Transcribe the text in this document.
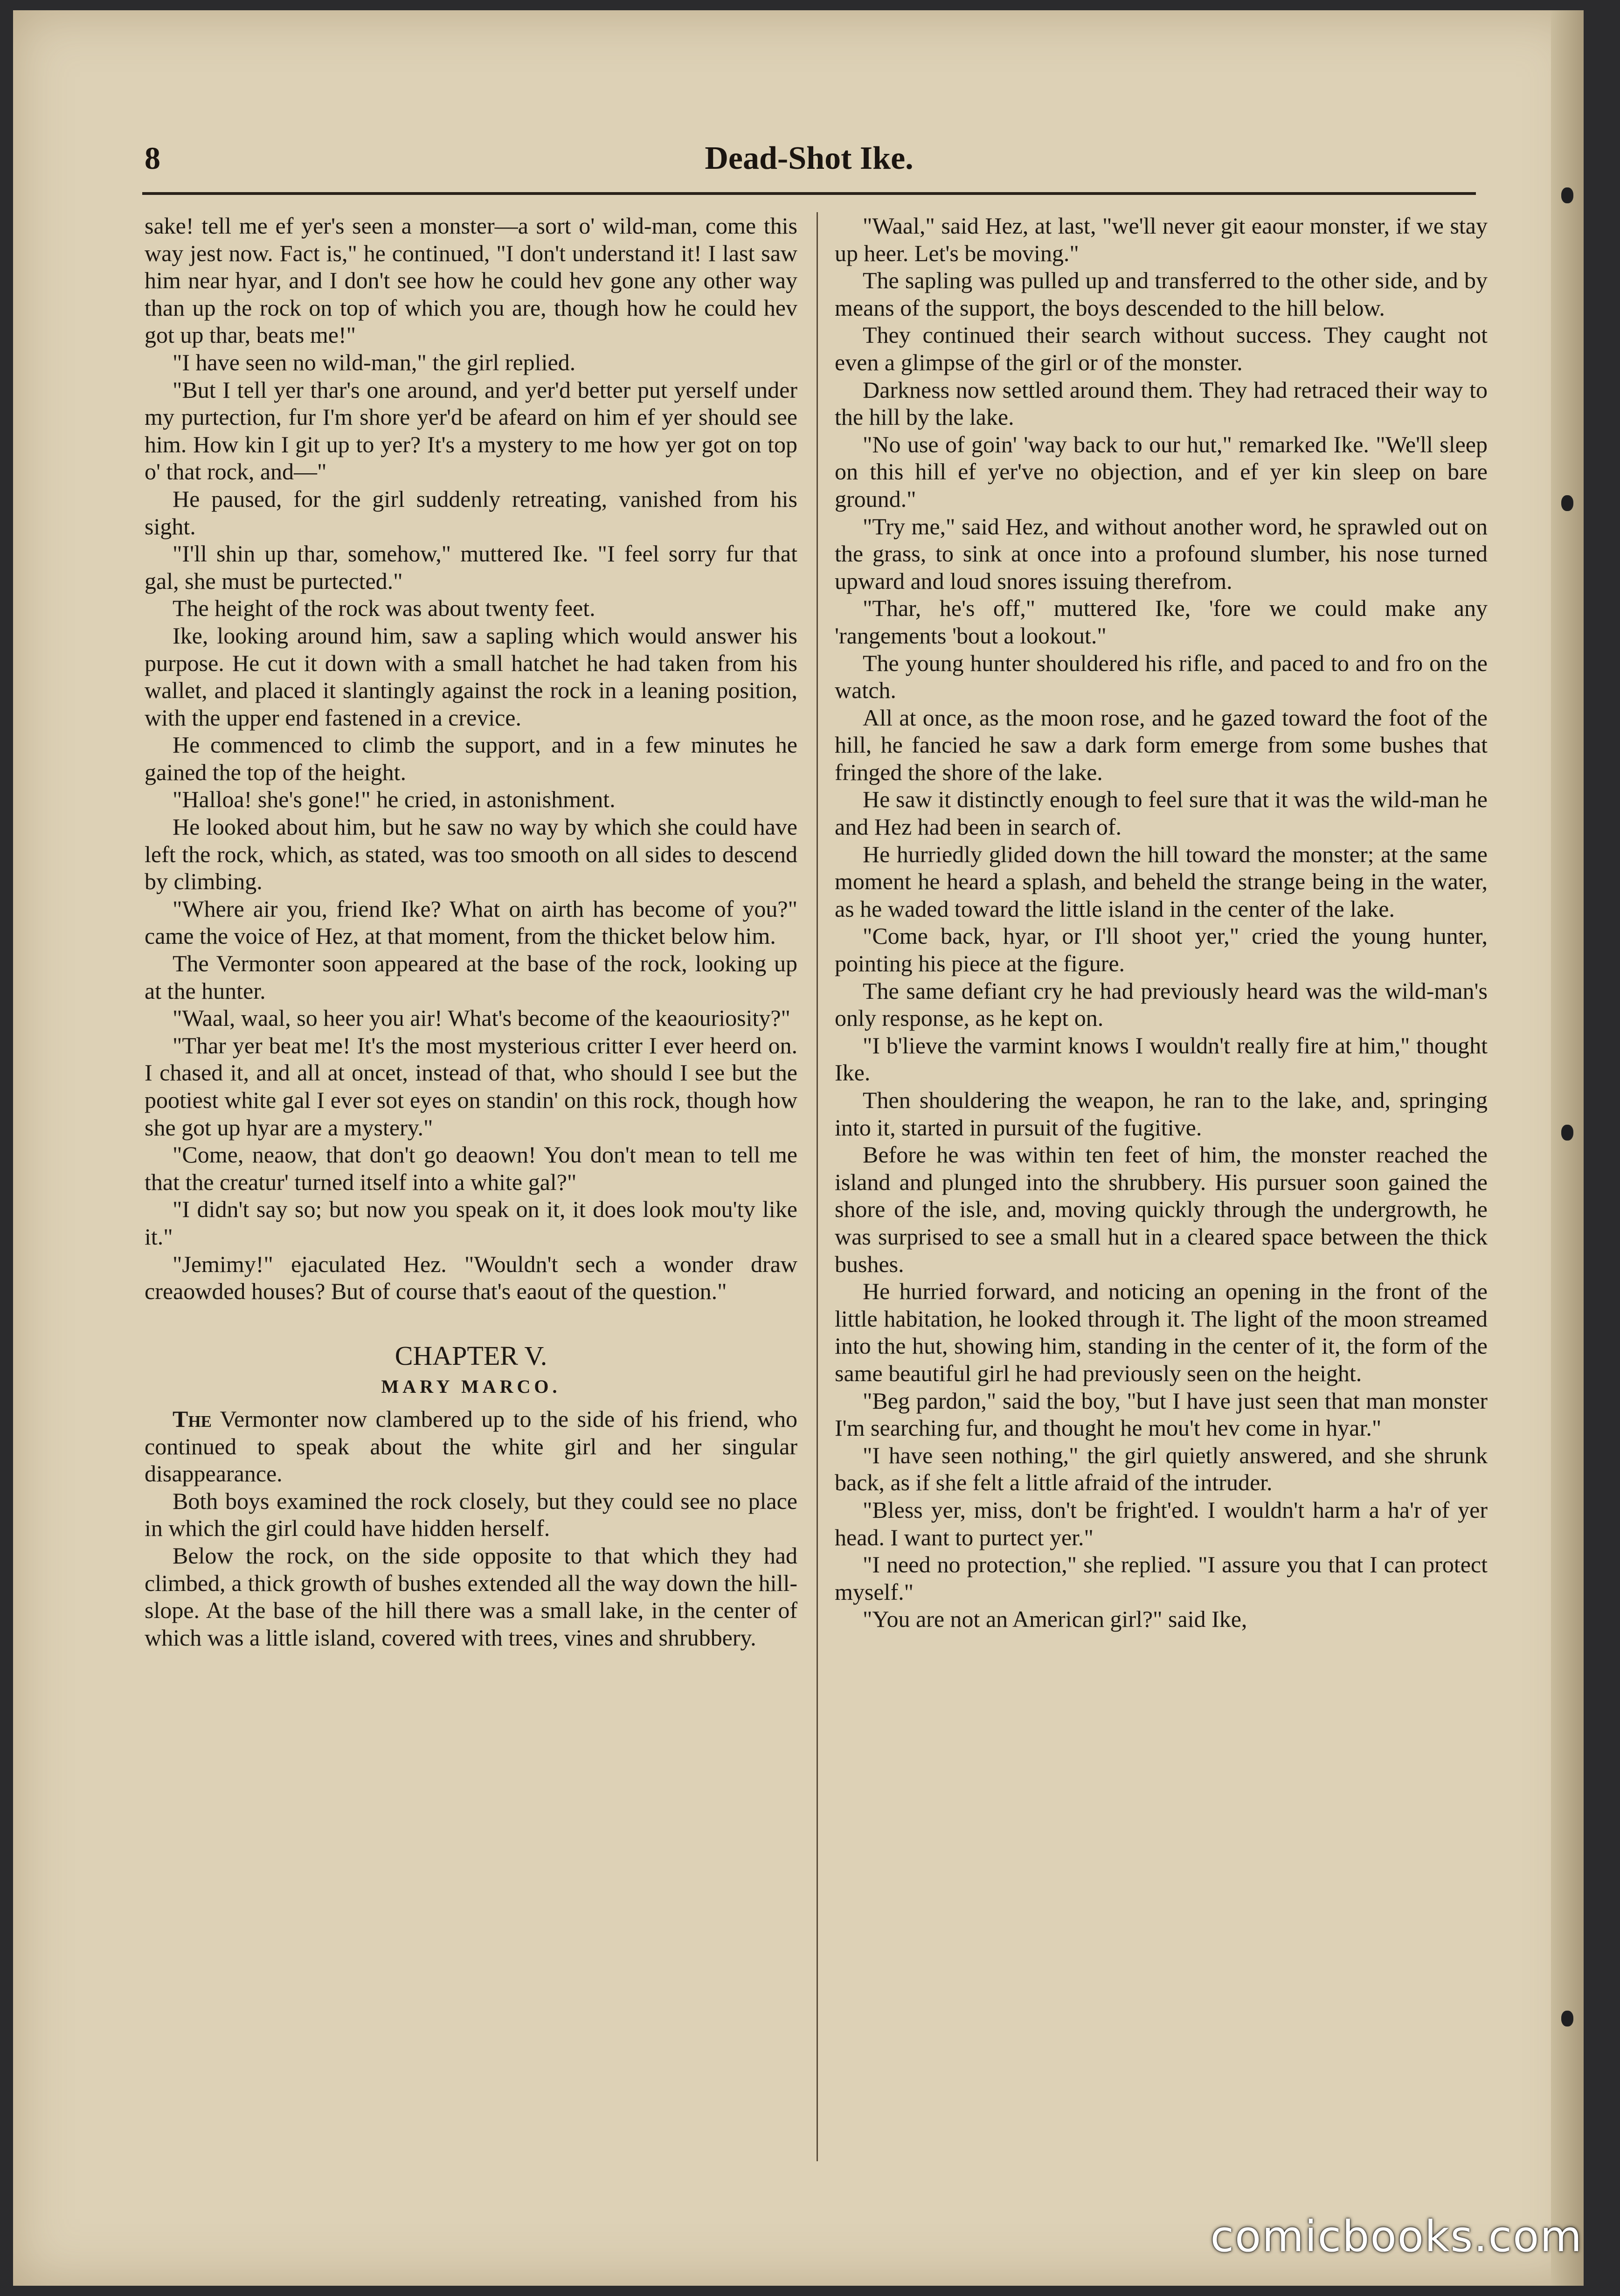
8	Dead-Shot Ike.

sake! tell me ef yer's seen a monster—a sort o' wild-man, come this way jest now. Fact is," he continued, "I don't understand it! I last saw him near hyar, and I don't see how he could hev gone any other way than up the rock on top of which you are, though how he could hev got up thar, beats me!"

"I have seen no wild-man," the girl replied.

"But I tell yer thar's one around, and yer'd better put yerself under my purtection, fur I'm shore yer'd be afeard on him ef yer should see him. How kin I git up to yer? It's a mystery to me how yer got on top o' that rock, and—"

He paused, for the girl suddenly retreating, vanished from his sight.

"I'll shin up thar, somehow," muttered Ike. "I feel sorry fur that gal, she must be purtected."

The height of the rock was about twenty feet.

Ike, looking around him, saw a sapling which would answer his purpose. He cut it down with a small hatchet he had taken from his wallet, and placed it slantingly against the rock in a leaning position, with the upper end fastened in a crevice.

He commenced to climb the support, and in a few minutes he gained the top of the height.

"Halloa! she's gone!" he cried, in astonishment.

He looked about him, but he saw no way by which she could have left the rock, which, as stated, was too smooth on all sides to descend by climbing.

"Where air you, friend Ike? What on airth has become of you?" came the voice of Hez, at that moment, from the thicket below him.

The Vermonter soon appeared at the base of the rock, looking up at the hunter.

"Waal, waal, so heer you air! What's become of the keaouriosity?"

"Thar yer beat me! It's the most mysterious critter I ever heerd on. I chased it, and all at oncet, instead of that, who should I see but the pootiest white gal I ever sot eyes on standin' on this rock, though how she got up hyar are a mystery."

"Come, neaow, that don't go deaown! You don't mean to tell me that the creatur' turned itself into a white gal?"

"I didn't say so; but now you speak on it, it does look mou'ty like it."

"Jemimy!" ejaculated Hez. "Wouldn't sech a wonder draw creaowded houses? But of course that's eaout of the question."

CHAPTER V.

MARY MARCO.

The Vermonter now clambered up to the side of his friend, who continued to speak about the white girl and her singular disappearance.

Both boys examined the rock closely, but they could see no place in which the girl could have hidden herself.

Below the rock, on the side opposite to that which they had climbed, a thick growth of bushes extended all the way down the hill-slope. At the base of the hill there was a small lake, in the center of which was a little island, covered with trees, vines and shrubbery.

"Waal," said Hez, at last, "we'll never git eaour monster, if we stay up heer. Let's be moving."

The sapling was pulled up and transferred to the other side, and by means of the support, the boys descended to the hill below.

They continued their search without success. They caught not even a glimpse of the girl or of the monster.

Darkness now settled around them. They had retraced their way to the hill by the lake.

"No use of goin' 'way back to our hut," remarked Ike. "We'll sleep on this hill ef yer've no objection, and ef yer kin sleep on bare ground."

"Try me," said Hez, and without another word, he sprawled out on the grass, to sink at once into a profound slumber, his nose turned upward and loud snores issuing therefrom.

"Thar, he's off," muttered Ike, 'fore we could make any 'rangements 'bout a lookout."

The young hunter shouldered his rifle, and paced to and fro on the watch.

All at once, as the moon rose, and he gazed toward the foot of the hill, he fancied he saw a dark form emerge from some bushes that fringed the shore of the lake.

He saw it distinctly enough to feel sure that it was the wild-man he and Hez had been in search of.

He hurriedly glided down the hill toward the monster; at the same moment he heard a splash, and beheld the strange being in the water, as he waded toward the little island in the center of the lake.

"Come back, hyar, or I'll shoot yer," cried the young hunter, pointing his piece at the figure.

The same defiant cry he had previously heard was the wild-man's only response, as he kept on.

"I b'lieve the varmint knows I wouldn't really fire at him," thought Ike.

Then shouldering the weapon, he ran to the lake, and, springing into it, started in pursuit of the fugitive.

Before he was within ten feet of him, the monster reached the island and plunged into the shrubbery. His pursuer soon gained the shore of the isle, and, moving quickly through the undergrowth, he was surprised to see a small hut in a cleared space between the thick bushes.

He hurried forward, and noticing an opening in the front of the little habitation, he looked through it. The light of the moon streamed into the hut, showing him, standing in the center of it, the form of the same beautiful girl he had previously seen on the height.

"Beg pardon," said the boy, "but I have just seen that man monster I'm searching fur, and thought he mou't hev come in hyar."

"I have seen nothing," the girl quietly answered, and she shrunk back, as if she felt a little afraid of the intruder.

"Bless yer, miss, don't be fright'ed. I wouldn't harm a ha'r of yer head. I want to purtect yer."

"I need no protection," she replied. "I assure you that I can protect myself."

"You are not an American girl?" said Ike,

comicbooks.com
